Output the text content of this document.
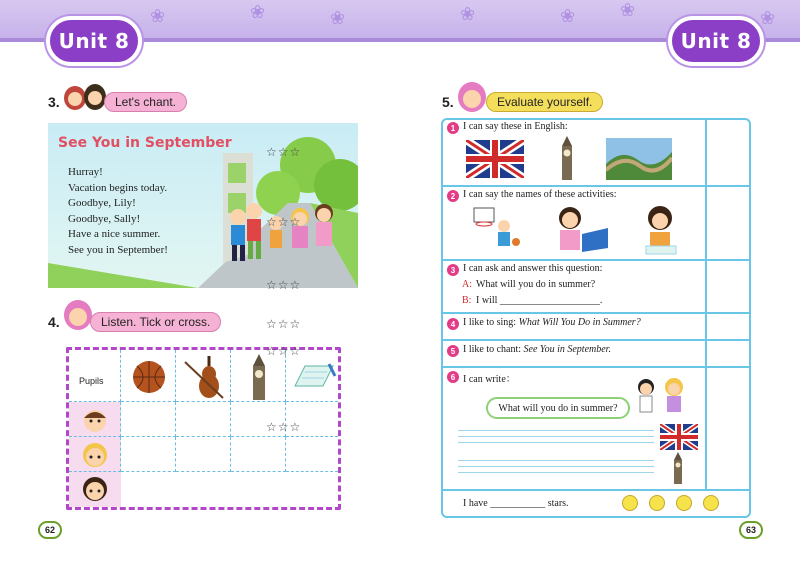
❀	❀	❀	❀	❀ ❀	❀
Unit 8	Unit 8
3.	Let's chant.
See You in September
Hurray!
Vacation begins today.
Goodbye, Lily!
Goodbye, Sally!
Have a nice summer.
See you in September!
4.	Listen. Tick or cross.
Pupils
62
5.	Evaluate yourself.
1 I can say these in English:
☆☆☆
2 I can say the names of these activities:
☆☆☆
3 I can ask and answer this question:
A: What will you do in summer?
B: I will ____________________.
☆☆☆
4 I like to sing: What Will You Do in Summer?
☆☆☆
5 I like to chant: See You in September.
☆☆☆
6 I can write：
What will you do in summer?
☆☆☆
I have ___________ stars.
63
